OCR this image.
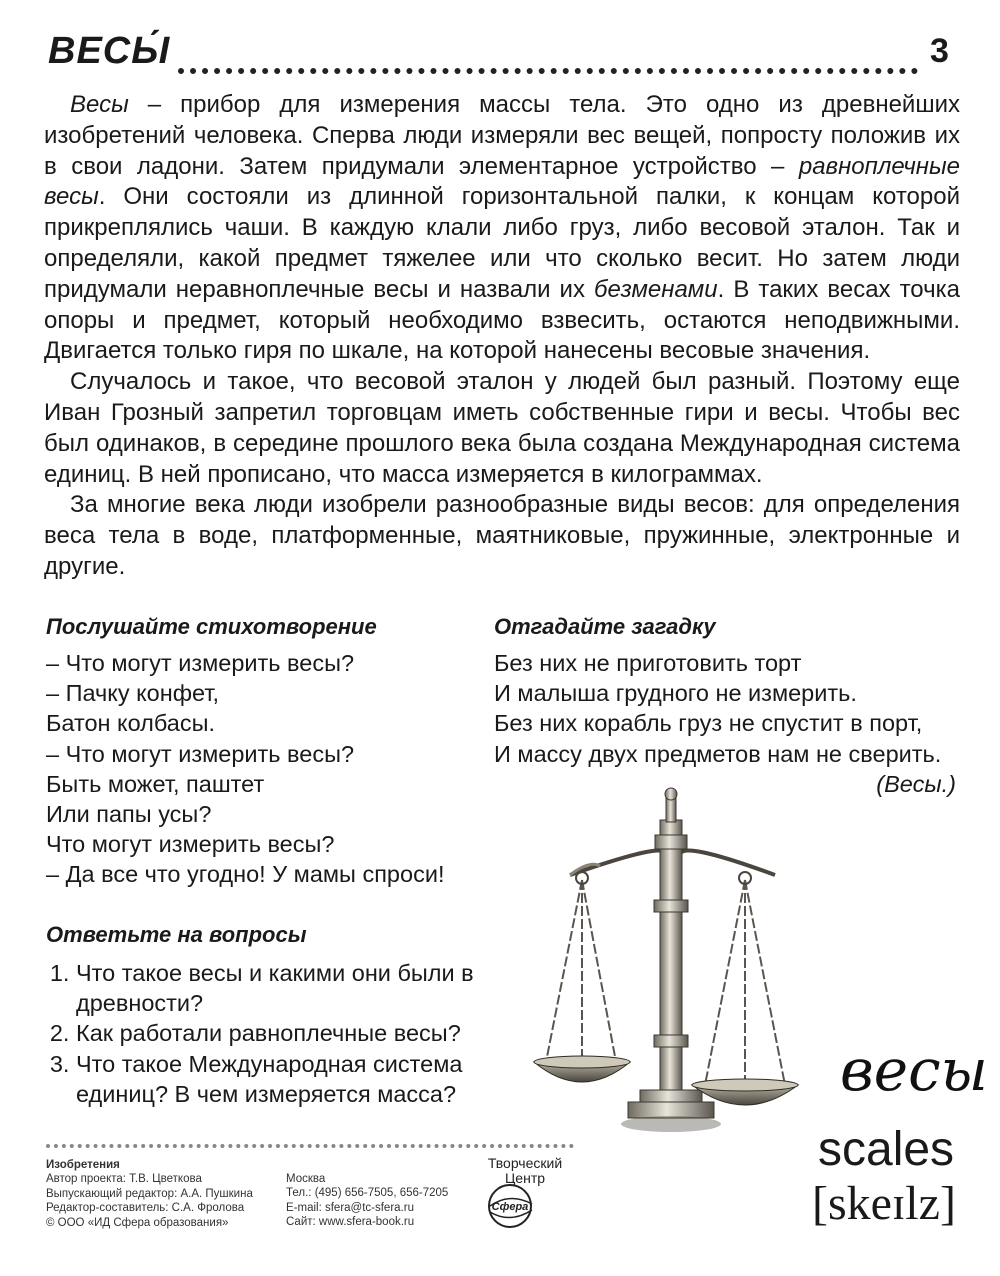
ВЕСЫ́	3

Весы – прибор для измерения массы тела. Это одно из древнейших изобретений человека. Сперва люди измеряли вес вещей, попросту положив их в свои ладони. Затем придумали элементарное устройство – равноплечные весы. Они состояли из длинной горизонтальной палки, к концам которой прикреплялись чаши. В каждую клали либо груз, либо весовой эталон. Так и определяли, какой предмет тяжелее или что сколько весит. Но затем люди придумали неравноплечные весы и назвали их безменами. В таких весах точка опоры и предмет, который необходимо взвесить, остаются неподвижными. Двигается только гиря по шкале, на которой нанесены весовые значения.

Случалось и такое, что весовой эталон у людей был разный. Поэтому еще Иван Грозный запретил торговцам иметь собственные гири и весы. Чтобы вес был одинаков, в середине прошлого века была создана Международная система единиц. В ней прописано, что масса измеряется в килограммах.

За многие века люди изобрели разнообразные виды весов: для определения веса тела в воде, платформенные, маятниковые, пружинные, электронные и другие.

Послушайте стихотворение
– Что могут измерить весы?
– Пачку конфет,
Батон колбасы.
– Что могут измерить весы?
Быть может, паштет
Или папы усы?
Что могут измерить весы?
– Да все что угодно! У мамы спроси!
Отгадайте загадку
Без них не приготовить торт
И малыша грудного не измерить.
Без них корабль груз не спустит в порт,
И массу двух предметов нам не сверить.
(Весы.)
Ответьте на вопросы
1. Что такое весы и какими они были в древности?
2. Как работали равноплечные весы?
3. Что такое Международная система единиц? В чем измеряется масса?	весы
scales
[skeɪlz]
Изобретения
Автор проекта: Т.В. Цветкова
Выпускающий редактор: А.А. Пушкина
Редактор-составитель: С.А. Фролова
© ООО «ИД Сфера образования»
Москва
Тел.: (495) 656-7505, 656-7205
E-mail: sfera@tc-sfera.ru
Сайт: www.sfera-book.ru
Творческий
Центр
Сфера
